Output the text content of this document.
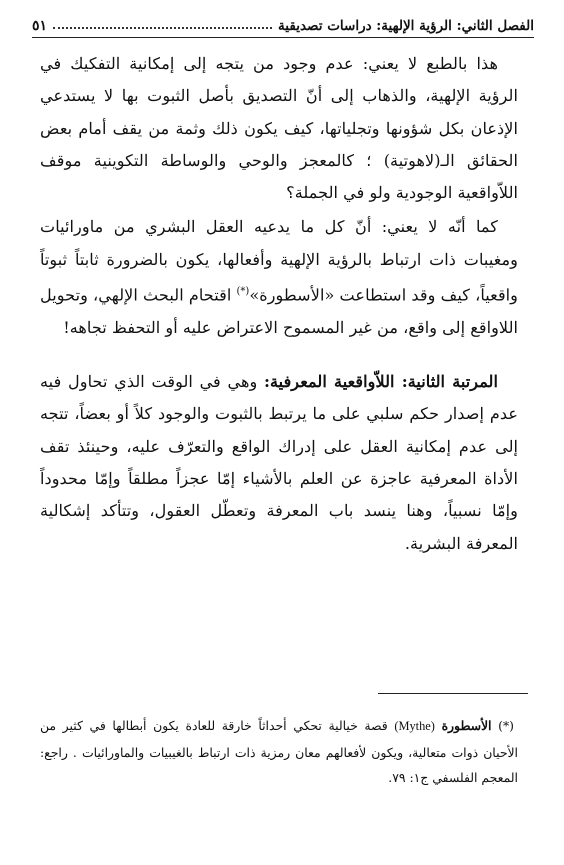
الفصل الثاني: الرؤية الإلهية: دراسات تصديقية
٥١

هذا بالطبع لا يعني: عدم وجود من يتجه إلى إمكانية التفكيك في الرؤية الإلهية، والذهاب إلى أنّ التصديق بأصل الثبوت بها لا يستدعي الإذعان بكل شؤونها وتجلياتها، كيف يكون ذلك وثمة من يقف أمام بعض الحقائق الـ(لاهوتية) ؛ كالمعجز والوحي والوساطة التكوينية موقف اللاّواقعية الوجودية ولو في الجملة؟

كما أنّه لا يعني: أنّ كل ما يدعيه العقل البشري من ماورائيات ومغيبات ذات ارتباط بالرؤية الإلهية وأفعالها، يكون بالضرورة ثابتاً ثبوتاً واقعياً، كيف وقد استطاعت «الأسطورة»(*) اقتحام البحث الإلهي، وتحويل اللاواقع إلى واقع، من غير المسموح الاعتراض عليه أو التحفظ تجاهه!

المرتبة الثانية: اللاّواقعية المعرفية: وهي في الوقت الذي تحاول فيه عدم إصدار حكم سلبي على ما يرتبط بالثبوت والوجود كلاً أو بعضاً، تتجه إلى عدم إمكانية العقل على إدراك الواقع والتعرّف عليه، وحينئذ تقف الأداة المعرفية عاجزة عن العلم بالأشياء إمّا عجزاً مطلقاً وإمّا محدوداً وإمّا نسبياً، وهنا ينسد باب المعرفة وتعطّل العقول، وتتأكد إشكالية المعرفة البشرية.

(*) الأسطورة (Mythe) قصة خيالية تحكي أحداثاً خارقة للعادة يكون أبطالها في كثير من الأحيان ذوات متعالية، ويكون لأفعالهم معان رمزية ذات ارتباط بالغيبيات والماورائيات . راجع: المعجم الفلسفي ج١: ٧٩.
